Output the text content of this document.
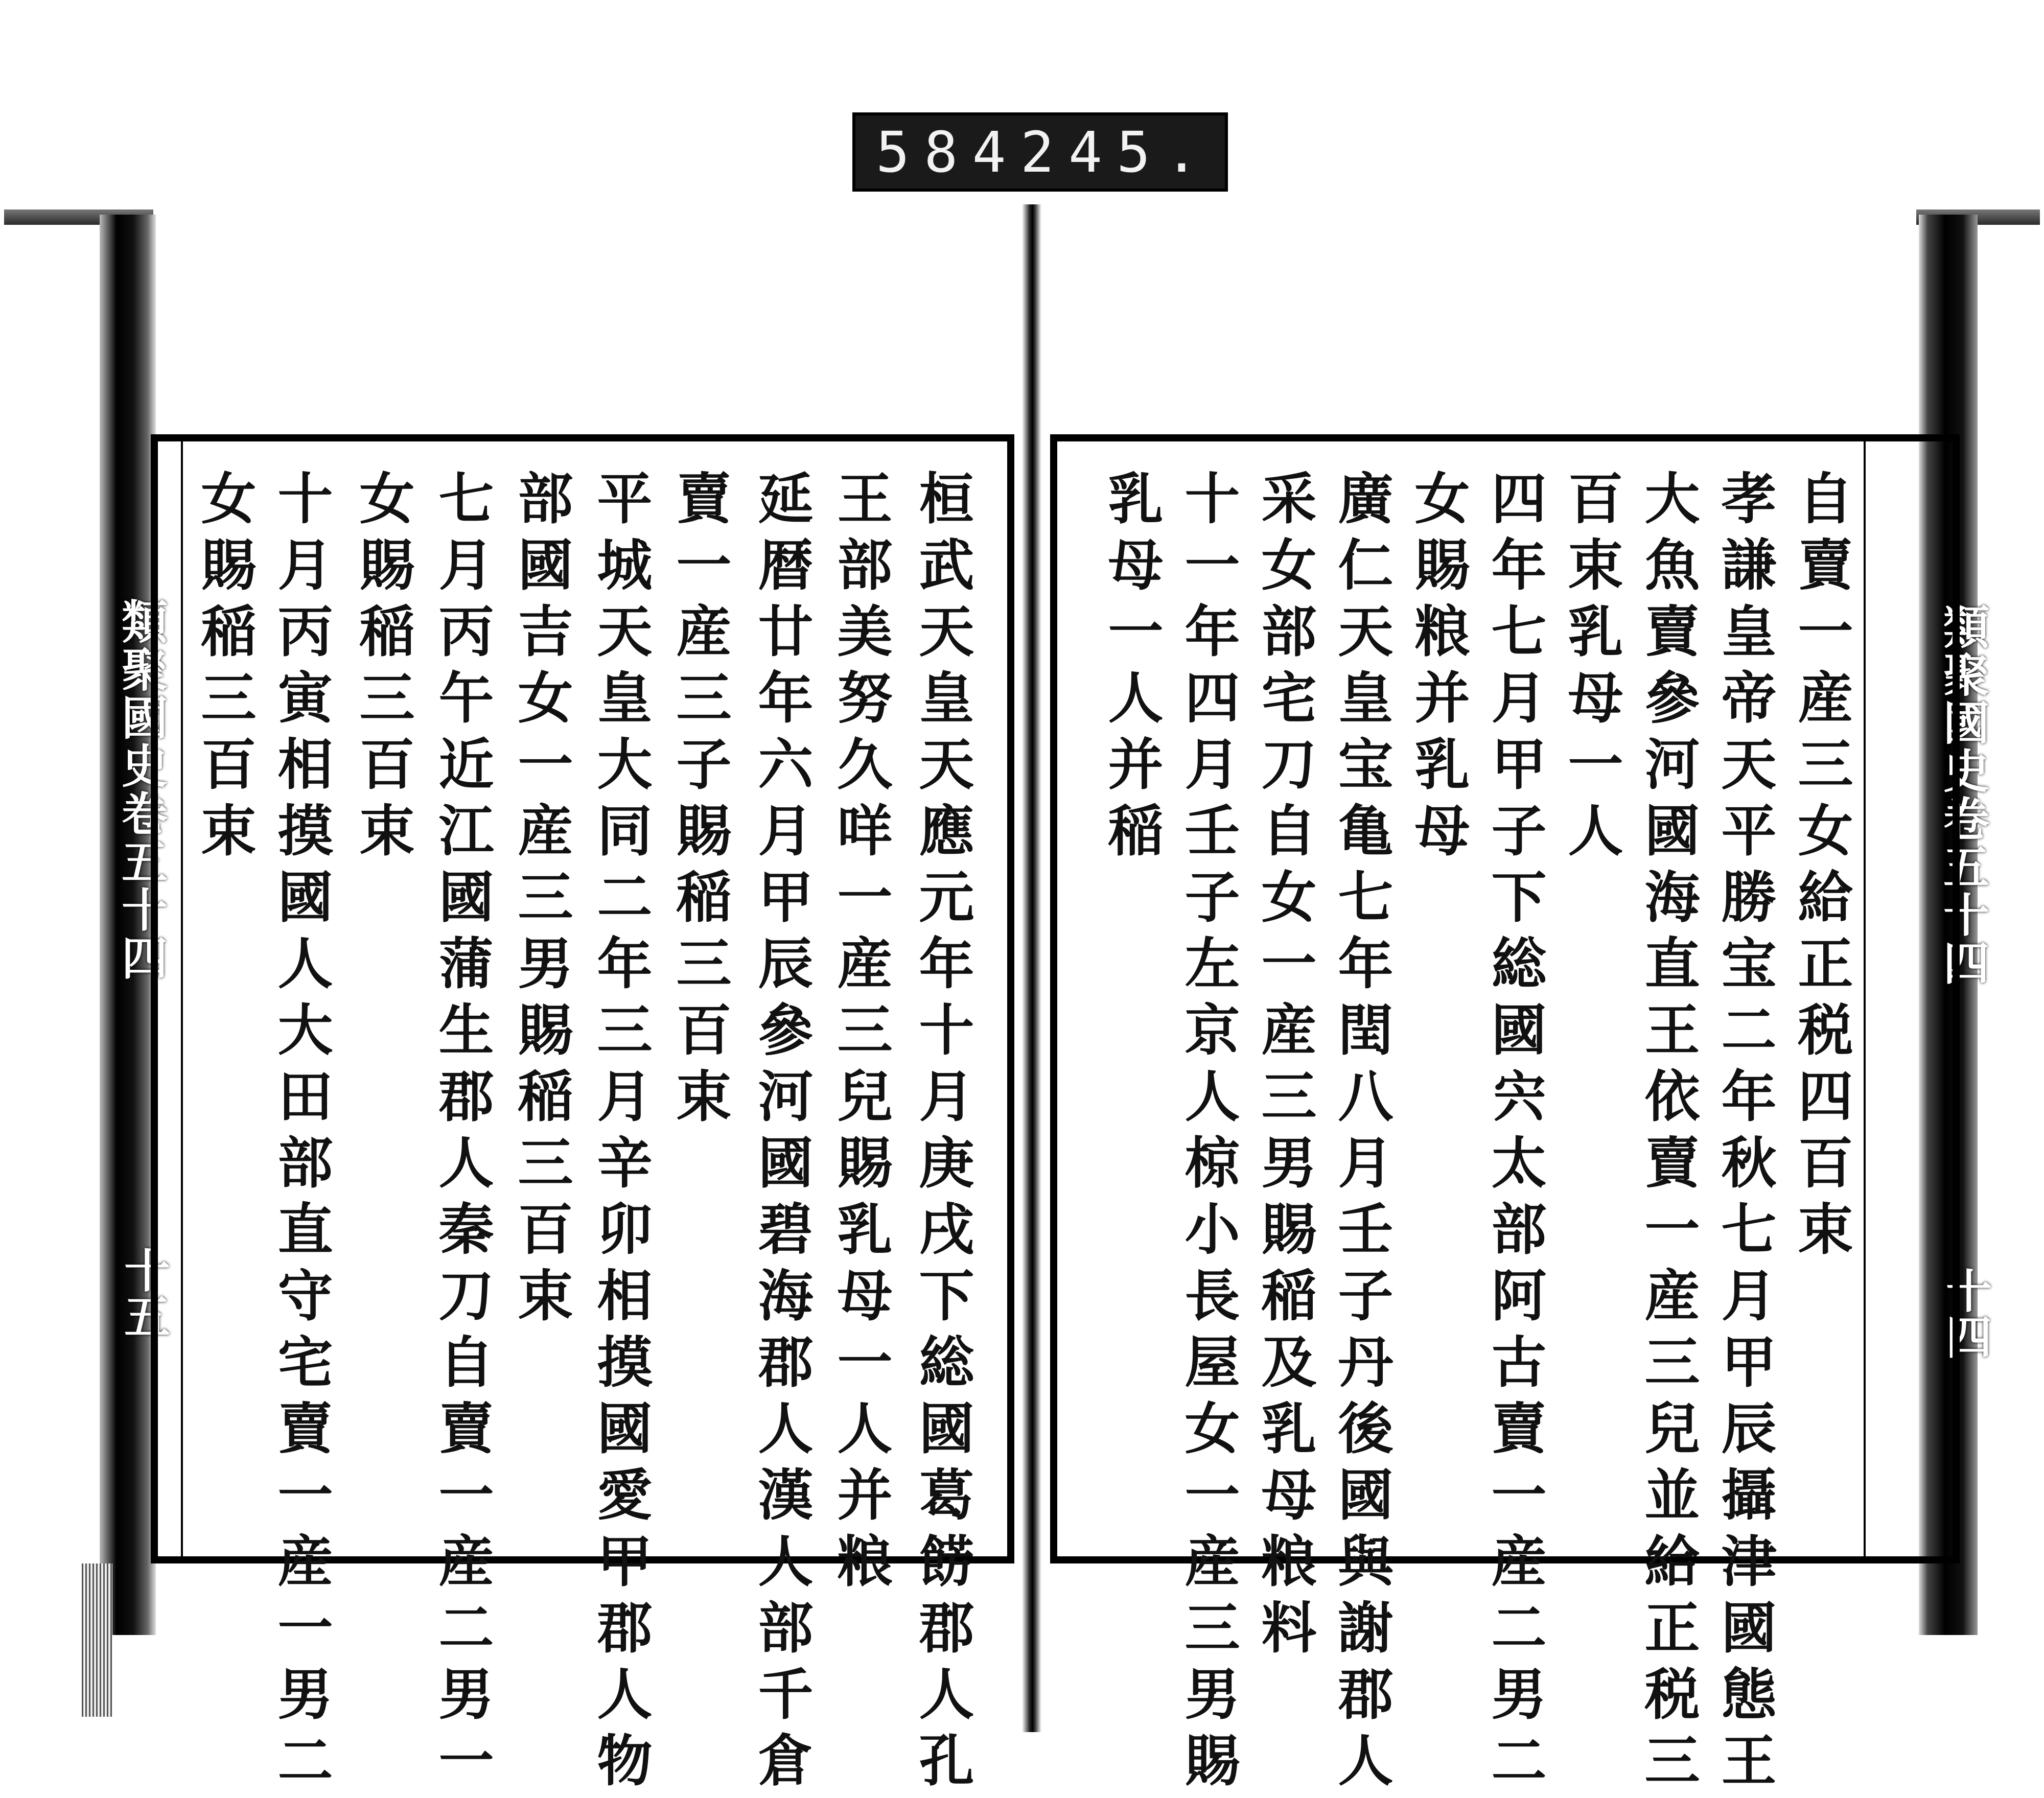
584 245.
類聚國史卷五十四
十五
類聚國史卷五十四
十四
桓武天皇天應元年十月庚戌下総國葛餝郡人孔
王部美努久咩一産三兒賜乳母一人并粮
延暦廿年六月甲辰參河國碧海郡人漢人部千倉
賣一産三子賜稲三百束
平城天皇大同二年三月辛卯相摸國愛甲郡人物
部國吉女一産三男賜稲三百束
七月丙午近江國蒲生郡人秦刀自賣一産二男一
女賜稲三百束
十月丙寅相摸國人大田部直守宅賣一産一男二
女賜稲三百束	自賣一産三女給正税四百束
孝謙皇帝天平勝宝二年秋七月甲辰攝津國態王
大魚賣參河國海直王依賣一産三兒並給正税三
百束乳母一人
四年七月甲子下総國宍太部阿古賣一産二男二
女賜粮并乳母
廣仁天皇宝亀七年閏八月壬子丹後國與謝郡人
采女部宅刀自女一産三男賜稲及乳母粮料
十一年四月壬子左京人椋小長屋女一産三男賜
乳母一人并稲
